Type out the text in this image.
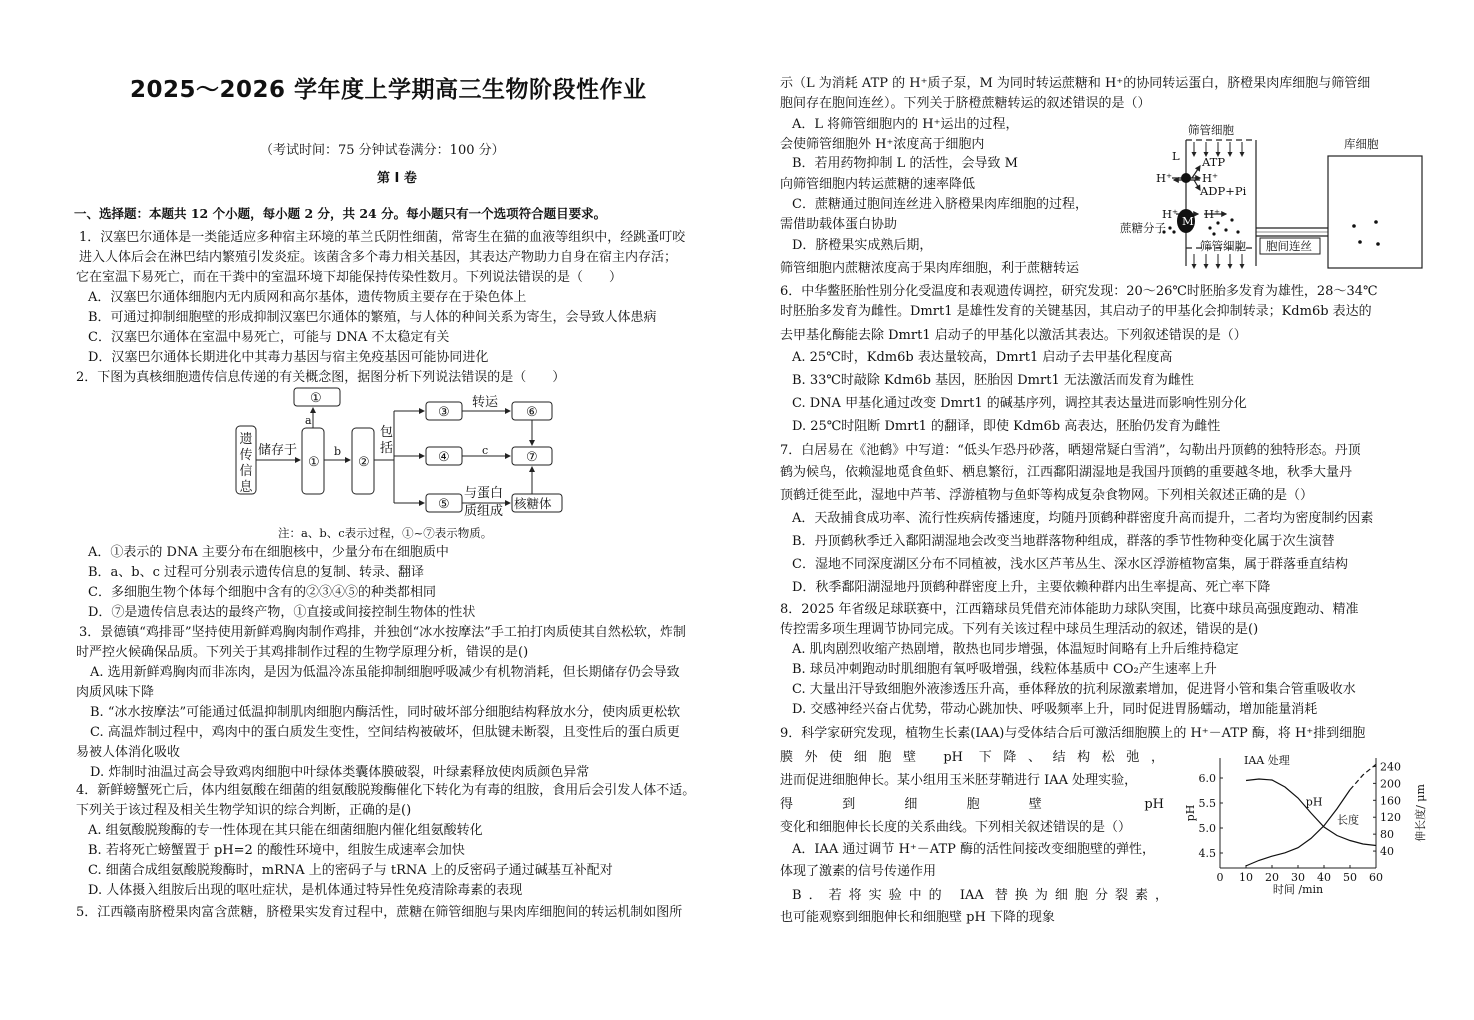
2025～2026 学年度上学期高三生物阶段性作业
（考试时间：75 分钟试卷满分：100 分）
第 Ⅰ 卷
一、选择题：本题共 12 个小题，每小题 2 分，共 24 分。每小题只有一个选项符合题目要求。
1．汉塞巴尔通体是一类能适应多种宿主环境的革兰氏阴性细菌，常寄生在猫的血液等组织中，经跳蚤叮咬
进入人体后会在淋巴结内繁殖引发炎症。该菌含多个毒力相关基因，其表达产物助力自身在宿主内存活；
它在室温下易死亡，而在干粪中的室温环境下却能保持传染性数月。下列说法错误的是（　　）
A．汉塞巴尔通体细胞内无内质网和高尔基体，遗传物质主要存在于染色体上
B．可通过抑制细胞壁的形成抑制汉塞巴尔通体的繁殖，与人体的种间关系为寄生，会导致人体患病
C．汉塞巴尔通体在室温中易死亡，可能与 DNA 不太稳定有关
D．汉塞巴尔通体长期进化中其毒力基因与宿主免疫基因可能协同进化
2．下图为真核细胞遗传信息传递的有关概念图，据图分析下列说法错误的是（　　）
遗传信息
储存于
①
①
②
③
④
⑤
⑥
⑦
核糖体
a
b	c
包括
转运
与蛋白
质组成
注：a、b、c表示过程，①~⑦表示物质。
A．①表示的 DNA 主要分布在细胞核中，少量分布在细胞质中
B．a、b、c 过程可分别表示遗传信息的复制、转录、翻译
C．多细胞生物个体每个细胞中含有的②③④⑤的种类都相同
D．⑦是遗传信息表达的最终产物，①直接或间接控制生物体的性状
3．景德镇“鸡排哥”坚持使用新鲜鸡胸肉制作鸡排，并独创“冰水按摩法”手工拍打肉质使其自然松软，炸制
时严控火候确保品质。下列关于其鸡排制作过程的生物学原理分析，错误的是()
A. 选用新鲜鸡胸肉而非冻肉，是因为低温冷冻虽能抑制细胞呼吸减少有机物消耗，但长期储存仍会导致
肉质风味下降
B. “冰水按摩法”可能通过低温抑制肌肉细胞内酶活性，同时破坏部分细胞结构释放水分，使肉质更松软
C. 高温炸制过程中，鸡肉中的蛋白质发生变性，空间结构被破坏，但肽键未断裂，且变性后的蛋白质更
易被人体消化吸收
D. 炸制时油温过高会导致鸡肉细胞中叶绿体类囊体膜破裂，叶绿素释放使肉质颜色异常
4．新鲜螃蟹死亡后，体内组氨酸在细菌的组氨酸脱羧酶催化下转化为有毒的组胺，食用后会引发人体不适。
下列关于该过程及相关生物学知识的综合判断，正确的是()
A. 组氨酸脱羧酶的专一性体现在其只能在细菌细胞内催化组氨酸转化
B. 若将死亡螃蟹置于 pH=2 的酸性环境中，组胺生成速率会加快
C. 细菌合成组氨酸脱羧酶时，mRNA 上的密码子与 tRNA 上的反密码子通过碱基互补配对
D. 人体摄入组胺后出现的呕吐症状，是机体通过特异性免疫清除毒素的表现
5．江西赣南脐橙果肉富含蔗糖，脐橙果实发育过程中，蔗糖在筛管细胞与果肉库细胞间的转运机制如图所
示（L 为消耗 ATP 的 H⁺质子泵，M 为同时转运蔗糖和 H⁺的协同转运蛋白，脐橙果肉库细胞与筛管细
胞间存在胞间连丝）。下列关于脐橙蔗糖转运的叙述错误的是（）
A．L 将筛管细胞内的 H⁺运出的过程，
会使筛管细胞外 H⁺浓度高于细胞内
B．若用药物抑制 L 的活性，会导致 M
向筛管细胞内转运蔗糖的速率降低
C．蔗糖通过胞间连丝进入脐橙果肉库细胞的过程，
需借助载体蛋白协助
D．脐橙果实成熟后期，
筛管细胞内蔗糖浓度高于果肉库细胞，利于蔗糖转运
筛管细胞
库细胞
L ATP
H⁺	H⁺
ADP+Pi
H⁺ M H⁺
蔗糖分子
筛管细胞 胞间连丝
6．中华鳖胚胎性别分化受温度和表观遗传调控，研究发现：20～26℃时胚胎多发育为雄性，28～34℃
时胚胎多发育为雌性。Dmrt1 是雄性发育的关键基因，其启动子的甲基化会抑制转录；Kdm6b 表达的
去甲基化酶能去除 Dmrt1 启动子的甲基化以激活其表达。下列叙述错误的是（）
A. 25℃时，Kdm6b 表达量较高，Dmrt1 启动子去甲基化程度高
B. 33℃时敲除 Kdm6b 基因，胚胎因 Dmrt1 无法激活而发育为雌性
C. DNA 甲基化通过改变 Dmrt1 的碱基序列，调控其表达量进而影响性别分化
D. 25℃时阻断 Dmrt1 的翻译，即使 Kdm6b 高表达，胚胎仍发育为雌性
7．白居易在《池鹤》中写道：“低头乍恐丹砂落，晒翅常疑白雪消”，勾勒出丹顶鹤的独特形态。丹顶
鹤为候鸟，依赖湿地觅食鱼虾、栖息繁衍，江西鄱阳湖湿地是我国丹顶鹤的重要越冬地，秋季大量丹
顶鹤迁徙至此，湿地中芦苇、浮游植物与鱼虾等构成复杂食物网。下列相关叙述正确的是（）
A．天敌捕食成功率、流行性疾病传播速度，均随丹顶鹤种群密度升高而提升，二者均为密度制约因素
B．丹顶鹤秋季迁入鄱阳湖湿地会改变当地群落物种组成，群落的季节性物种变化属于次生演替
C．湿地不同深度湖区分布不同植被，浅水区芦苇丛生、深水区浮游植物富集，属于群落垂直结构
D．秋季鄱阳湖湿地丹顶鹤种群密度上升，主要依赖种群内出生率提高、死亡率下降
8．2025 年省级足球联赛中，江西籍球员凭借充沛体能助力球队突围，比赛中球员高强度跑动、精准
传控需多项生理调节协同完成。下列有关该过程中球员生理活动的叙述，错误的是()
A. 肌肉剧烈收缩产热剧增，散热也同步增强，体温短时间略有上升后维持稳定
B. 球员冲刺跑动时肌细胞有氧呼吸增强，线粒体基质中 CO₂产生速率上升
C. 大量出汗导致细胞外液渗透压升高，垂体释放的抗利尿激素增加，促进肾小管和集合管重吸收水
D. 交感神经兴奋占优势，带动心跳加快、呼吸频率上升，同时促进胃肠蠕动，增加能量消耗
9．科学家研究发现，植物生长素(IAA)与受体结合后可激活细胞膜上的 H⁺－ATP 酶，将 H⁺排到细胞
膜外使细胞壁 pH 下降、结构松弛，
进而促进细胞伸长。某小组用玉米胚芽鞘进行 IAA 处理实验，
得到细胞壁 pH
变化和细胞伸长长度的关系曲线。下列相关叙述错误的是（）
A．IAA 通过调节 H⁺－ATP 酶的活性间接改变细胞壁的弹性，
体现了激素的信号传递作用
B．若将实验中的 IAA 替换为细胞分裂素，
也可能观察到细胞伸长和细胞壁 pH 下降的现象
0 10 20 30 40 50 60
4.5
5.0
5.5
6.0
40
80
120
160
200
240
IAA 处理
pH
长度
时间 /min
pH	伸长度/ μm
